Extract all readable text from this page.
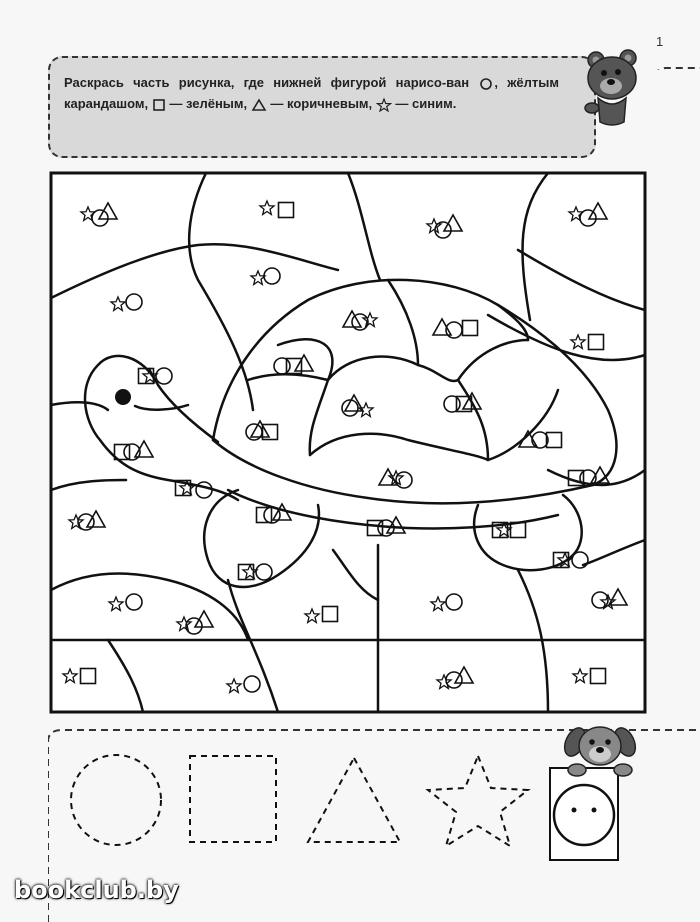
1
Раскрась часть рисунка, где нижней фигурой нарисо-ван , жёлтым карандашом, — зелёным, — коричневым, — синим.
bookclub.by
